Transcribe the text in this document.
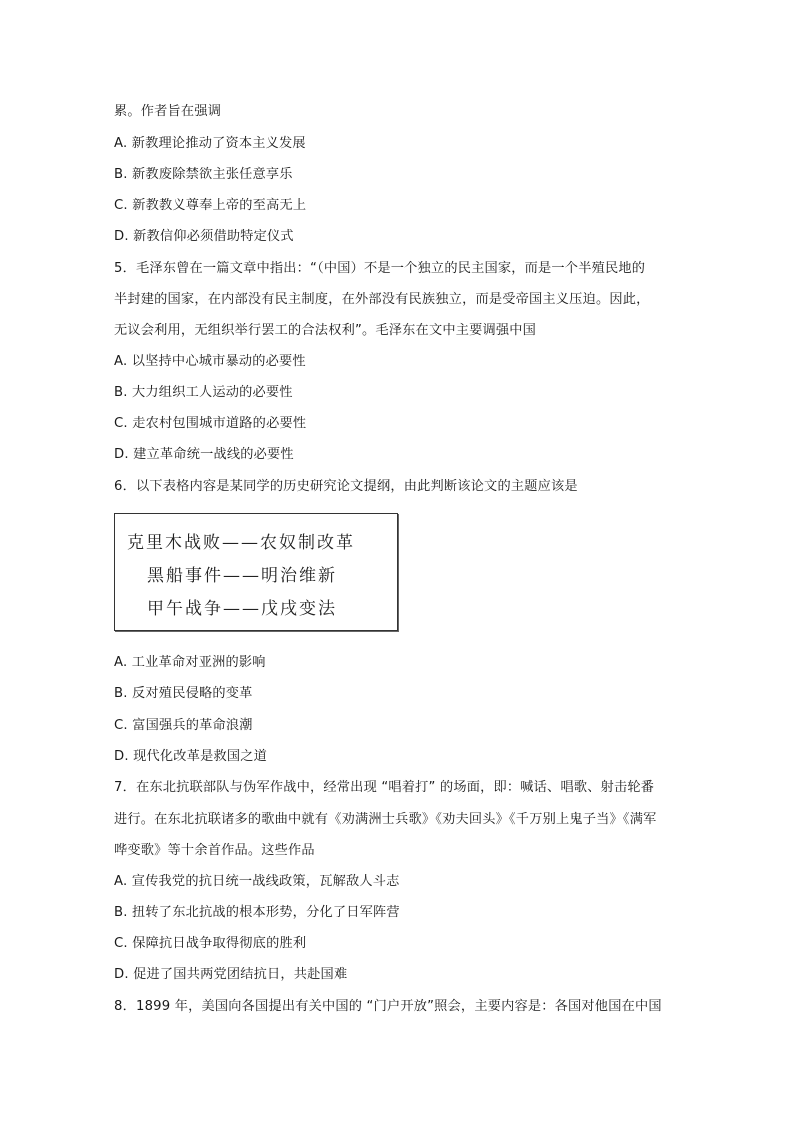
累。作者旨在强调
A. 新教理论推动了资本主义发展
B. 新教废除禁欲主张任意享乐
C. 新教教义尊奉上帝的至高无上
D. 新教信仰必须借助特定仪式
5．毛泽东曾在一篇文章中指出：“（中国）不是一个独立的民主国家，而是一个半殖民地的
半封建的国家，在内部没有民主制度，在外部没有民族独立，而是受帝国主义压迫。因此，
无议会利用，无组织举行罢工的合法权利”。毛泽东在文中主要调强中国
A. 以坚持中心城市暴动的必要性
B. 大力组织工人运动的必要性
C. 走农村包围城市道路的必要性
D. 建立革命统一战线的必要性
6．以下表格内容是某同学的历史研究论文提纲，由此判断该论文的主题应该是
克里木战败——农奴制改革
黑船事件——明治维新
甲午战争——戊戌变法
A. 工业革命对亚洲的影响
B. 反对殖民侵略的变革
C. 富国强兵的革命浪潮
D. 现代化改革是救国之道
7．在东北抗联部队与伪军作战中，经常出现 “唱着打” 的场面，即：喊话、唱歌、射击轮番
进行。在东北抗联诸多的歌曲中就有《劝满洲士兵歌》《劝夫回头》《千万别上鬼子当》《满军
哗变歌》等十余首作品。这些作品
A. 宣传我党的抗日统一战线政策，瓦解敌人斗志
B. 扭转了东北抗战的根本形势，分化了日军阵营
C. 保障抗日战争取得彻底的胜利
D. 促进了国共两党团结抗日，共赴国难
8．1899 年，美国向各国提出有关中国的 “门户开放”照会，主要内容是：各国对他国在中国
